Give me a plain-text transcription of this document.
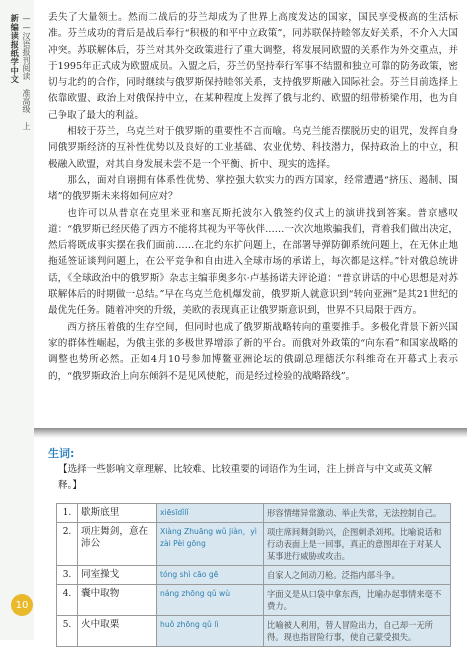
新编读报纸学中文 ——汉语报刊阅读 准高级 上
10

丢失了大量领土。然而二战后的芬兰却成为了世界上高度发达的国家，国民享受极高的生活标准。芬兰成功的背后是战后奉行“积极的和平中立政策”，同苏联保持睦邻友好关系，不介入大国冲突。苏联解体后，芬兰对其外交政策进行了重大调整，将发展同欧盟的关系作为外交重点，并于1995年正式成为欧盟成员。入盟之后，芬兰仍坚持奉行军事不结盟和独立可靠的防务政策，密切与北约的合作，同时继续与俄罗斯保持睦邻关系，支持俄罗斯融入国际社会。芬兰目前选择上依靠欧盟、政治上对俄保持中立，在某种程度上发挥了俄与北约、欧盟的纽带桥梁作用，也为自己争取了最大的利益。

相较于芬兰，乌克兰对于俄罗斯的重要性不言而喻。乌克兰能否摆脱历史的诅咒，发挥自身同俄罗斯经济的互补性优势以及良好的工业基础、农业优势、科技潜力，保持政治上的中立，积极融入欧盟，对其自身发展未尝不是一个平衡、折中、现实的选择。

那么，面对自诩拥有体系性优势、掌控强大软实力的西方国家，经常遭遇“挤压、遏制、围堵”的俄罗斯未来将如何应对？

也许可以从普京在克里米亚和塞瓦斯托波尔入俄签约仪式上的演讲找到答案。普京感叹道：“俄罗斯已经厌倦了西方不能将其视为平等伙伴……一次次地欺骗我们，背着我们做出决定，然后将既成事实摆在我们面前……在北约东扩问题上，在部署导弹防御系统问题上，在无休止地拖延签证谈判问题上，在公平竞争和自由进入全球市场的承诺上，每次都是这样。”针对俄总统讲话，《全球政治中的俄罗斯》杂志主编菲奥多尔·卢基扬诺夫评论道：“普京讲话的中心思想是对苏联解体后的时期做一总结。”早在乌克兰危机爆发前，俄罗斯人就意识到“转向亚洲”是其21世纪的最优先任务。随着冲突的升级，美欧的表现真正让俄罗斯意识到，世界不只局限于西方。

西方挤压着俄的生存空间，但同时也成了俄罗斯战略转向的重要推手。多极化背景下新兴国家的群体性崛起，为俄主张的多极世界增添了新的平台。而俄对外政策的“向东看”和国家战略的调整也势所必然。正如4月10号参加博鳌亚洲论坛的俄副总理德沃尔科维奇在开幕式上表示的，“俄罗斯政治上向东倾斜不是见风使舵，而是经过检验的战略路线”。

生词:
【选择一些影响文章理解、比较难、比较重要的词语作为生词，注上拼音与中文或英文解释。】
1.	歇斯底里	xiēsīdǐlǐ	形容情绪异常激动、举止失常，无法控制自己。
2.	项庄舞剑，意在沛公	Xiàng Zhuāng wǔ jiàn，yì zài Pèi gōng	项庄席间舞剑助兴，企图刺杀刘邦。比喻说话和行动表面上是一回事，真正的意图却在于对某人某事进行威胁或攻击。
3.	同室操戈	tóng shì cāo gē	自家人之间动刀枪。泛指内部斗争。
4.	囊中取物	náng zhōng qǔ wù	字面义是从口袋中拿东西，比喻办起事情来毫不费力。
5.	火中取栗	huǒ zhōng qǔ lì	比喻被人利用，替人冒险出力，自己却一无所得。现也指冒险行事，使自己蒙受损失。
